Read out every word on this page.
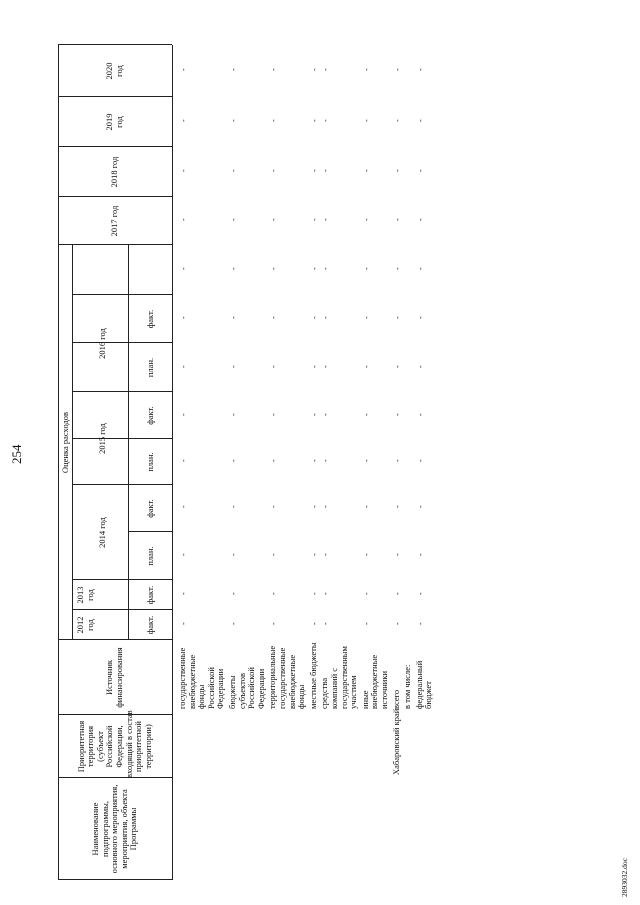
254
2893032.doc
Наименование подпрограммы, основного мероприятия, мероприятия, объекта Программы
Приоритетная территория (субъект Российской Федерации, входящий в состав приоритетной территории)
Источник финансирования
Оценка расходов
2012 год
2013 год
2014 год
2015 год
2016 год
2017 год
2018 год
2019 год
2020 год
факт.
факт.
план.
факт.
план.
факт.
план.
факт.
государственные внебюджетные фонды Российской Федерации
-
-
-
-
-
-
-
-
-
-
-
-
-
бюджеты субъектов Российской Федерации
-
-
-
-
-
-
-
-
-
-
-
-
-
территориальные государственные внебюджетные фонды
-
-
-
-
-
-
-
-
-
-
-
-
-
местные бюджеты
-
-
-
-
-
-
-
-
-
-
-
-
-
средства компаний с государственным участием
-
-
-
-
-
-
-
-
-
-
-
-
-
иные внебюджетные источники
-
-
-
-
-
-
-
-
-
-
-
-
-
Хабаровский край
всего
-
-
-
-
-
-
-
-
-
-
-
-
-
в том числе: федеральный бюджет
-
-
-
-
-
-
-
-
-
-
-
-
-
